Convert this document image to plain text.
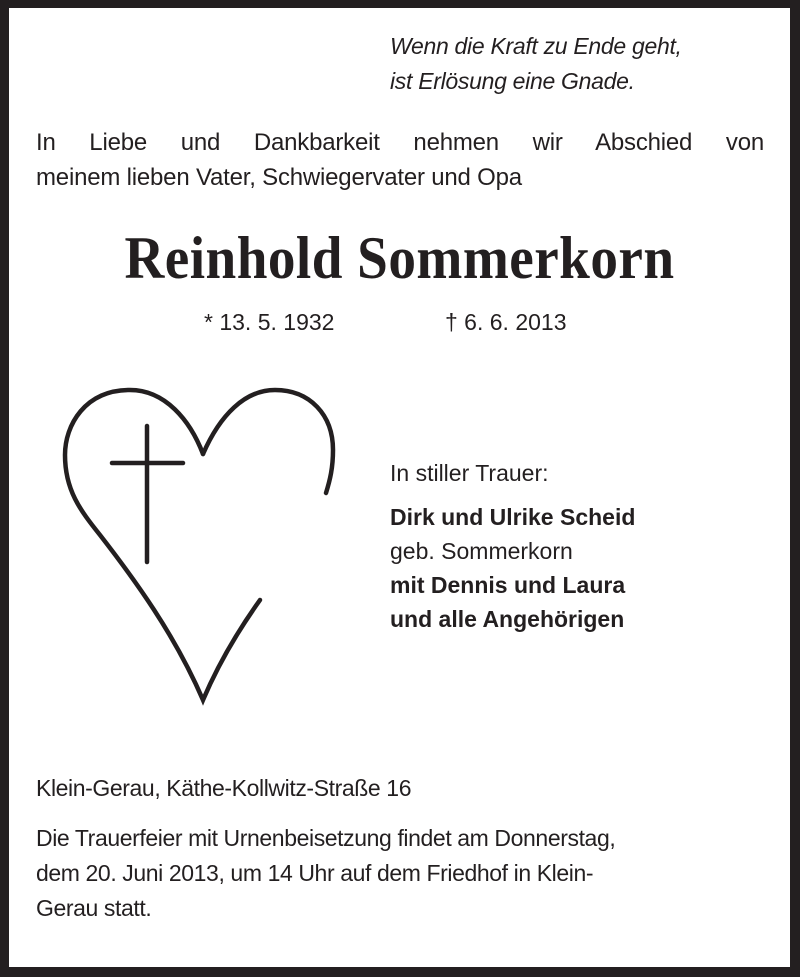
Wenn die Kraft zu Ende geht,
ist Erlösung eine Gnade.
In Liebe und Dankbarkeit nehmen wir Abschied von
meinem lieben Vater, Schwiegervater und Opa
Reinhold Sommerkorn
* 13. 5. 1932	† 6. 6. 2013
In stiller Trauer:
Dirk und Ulrike Scheid
geb. Sommerkorn
mit Dennis und Laura
und alle Angehörigen
Klein-Gerau, Käthe-Kollwitz-Straße 16
Die Trauerfeier mit Urnenbeisetzung findet am Donnerstag,
dem 20. Juni 2013, um 14 Uhr auf dem Friedhof in Klein-
Gerau statt.
